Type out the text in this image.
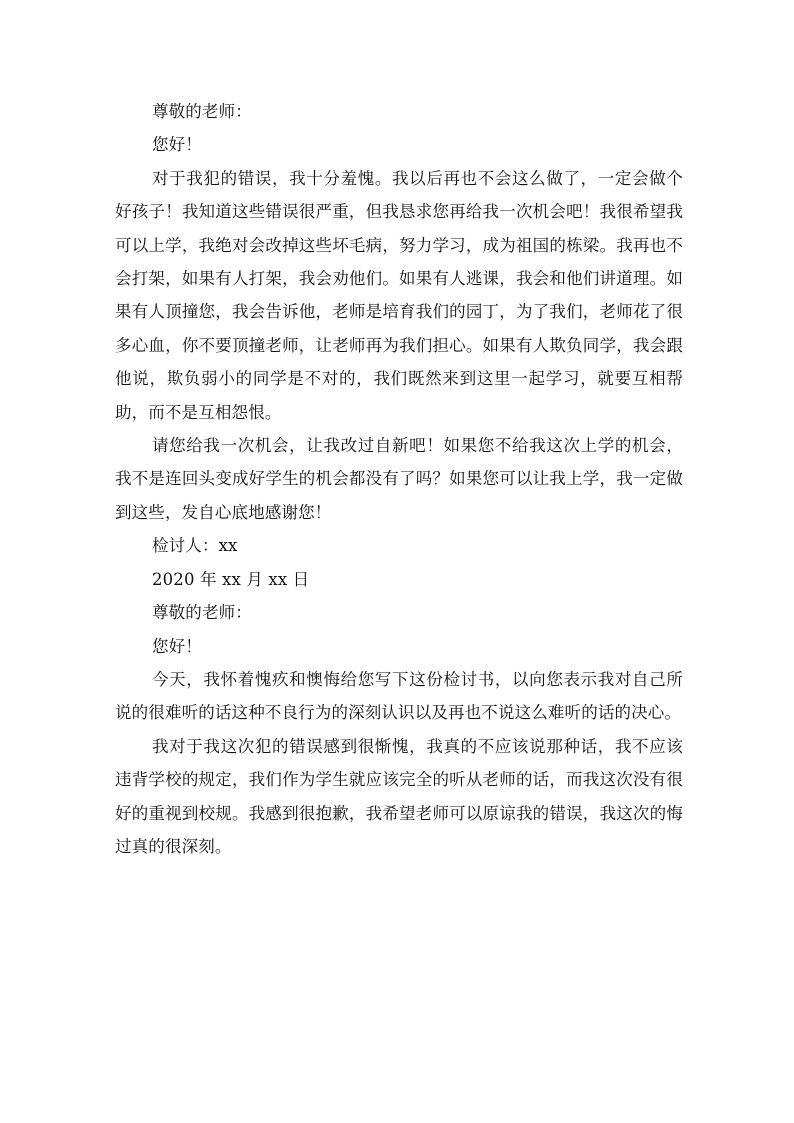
尊敬的老师：

您好！

对于我犯的错误，我十分羞愧。我以后再也不会这么做了，一定会做个好孩子！我知道这些错误很严重，但我恳求您再给我一次机会吧！我很希望我可以上学，我绝对会改掉这些坏毛病，努力学习，成为祖国的栋梁。我再也不会打架，如果有人打架，我会劝他们。如果有人逃课，我会和他们讲道理。如果有人顶撞您，我会告诉他，老师是培育我们的园丁，为了我们，老师花了很多心血，你不要顶撞老师，让老师再为我们担心。如果有人欺负同学，我会跟他说，欺负弱小的同学是不对的，我们既然来到这里一起学习，就要互相帮助，而不是互相怨恨。

请您给我一次机会，让我改过自新吧！如果您不给我这次上学的机会，我不是连回头变成好学生的机会都没有了吗？如果您可以让我上学，我一定做到这些，发自心底地感谢您！

检讨人：xx

2020 年 xx 月 xx 日

尊敬的老师：

您好！

今天，我怀着愧疚和懊悔给您写下这份检讨书，以向您表示我对自己所说的很难听的话这种不良行为的深刻认识以及再也不说这么难听的话的决心。

我对于我这次犯的错误感到很惭愧，我真的不应该说那种话，我不应该违背学校的规定，我们作为学生就应该完全的听从老师的话，而我这次没有很好的重视到校规。我感到很抱歉，我希望老师可以原谅我的错误，我这次的悔过真的很深刻。
